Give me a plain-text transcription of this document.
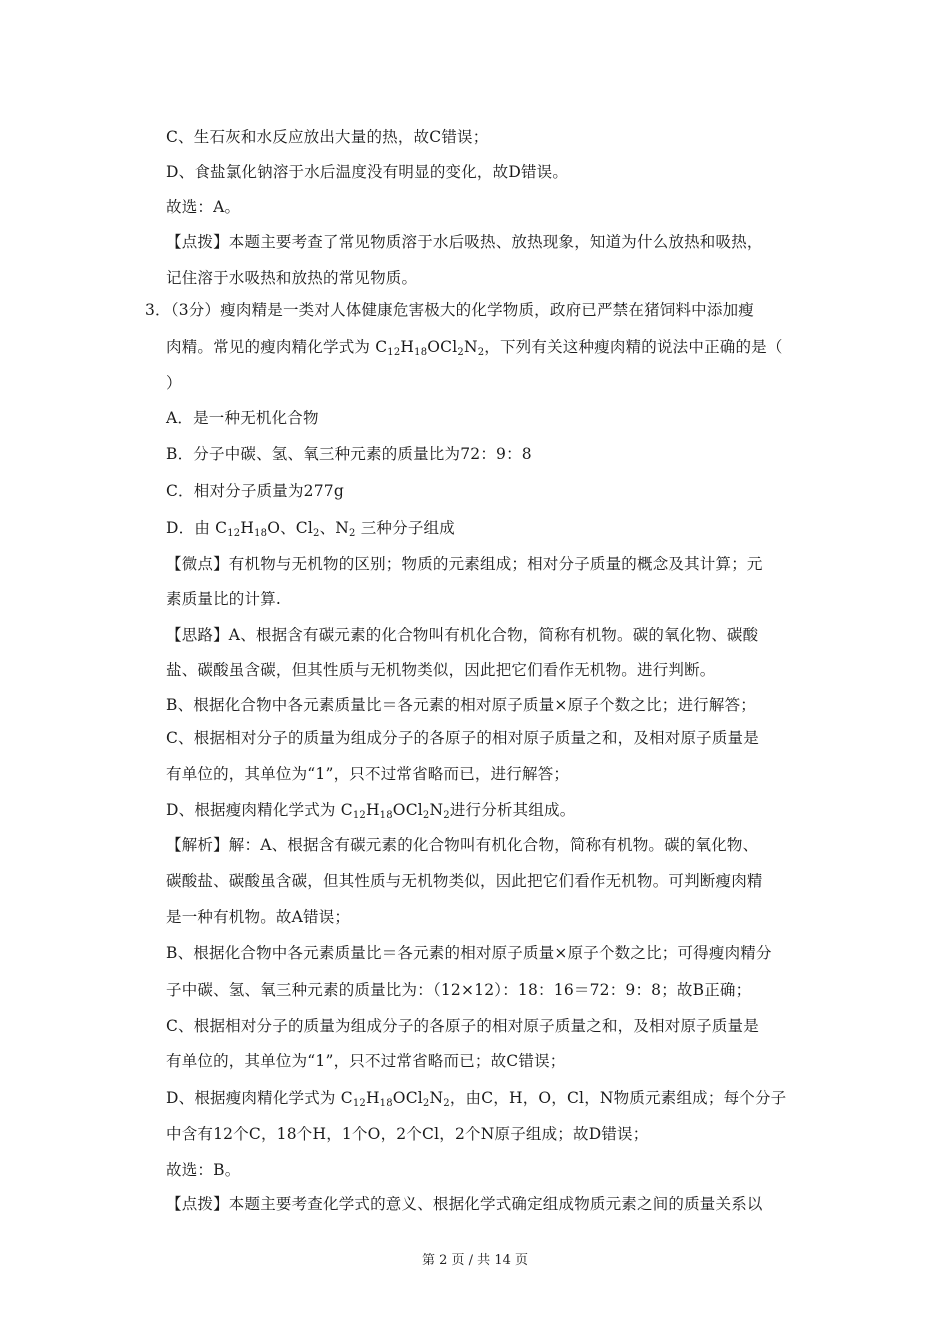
C、生石灰和水反应放出大量的热，故C错误；
D、食盐氯化钠溶于水后温度没有明显的变化，故D错误。
故选：A。
【点拨】本题主要考查了常见物质溶于水后吸热、放热现象，知道为什么放热和吸热，
记住溶于水吸热和放热的常见物质。
3．（3分）瘦肉精是一类对人体健康危害极大的化学物质，政府已严禁在猪饲料中添加瘦
肉精。常见的瘦肉精化学式为 $C_{12}H_{18}OCl_2N_2$，下列有关这种瘦肉精的说法中正确的是（
）
A．是一种无机化合物
B．分子中碳、氢、氧三种元素的质量比为72：9：8
C．相对分子质量为277g
D．由 $C_{12}H_{18}O$、$Cl_2$、$N_2$ 三种分子组成
【微点】有机物与无机物的区别；物质的元素组成；相对分子质量的概念及其计算；元
素质量比的计算.
【思路】A、根据含有碳元素的化合物叫有机化合物，简称有机物。碳的氧化物、碳酸
盐、碳酸虽含碳，但其性质与无机物类似，因此把它们看作无机物。进行判断。
B、根据化合物中各元素质量比＝各元素的相对原子质量×原子个数之比；进行解答；
C、根据相对分子的质量为组成分子的各原子的相对原子质量之和，及相对原子质量是
有单位的，其单位为“1”，只不过常省略而已，进行解答；
D、根据瘦肉精化学式为 $C_{12}H_{18}OCl_2N_2$进行分析其组成。
【解析】解：A、根据含有碳元素的化合物叫有机化合物，简称有机物。碳的氧化物、
碳酸盐、碳酸虽含碳，但其性质与无机物类似，因此把它们看作无机物。可判断瘦肉精
是一种有机物。故A错误；
B、根据化合物中各元素质量比＝各元素的相对原子质量×原子个数之比；可得瘦肉精分
子中碳、氢、氧三种元素的质量比为：（12×12）：18：16＝72：9：8；故B正确；
C、根据相对分子的质量为组成分子的各原子的相对原子质量之和，及相对原子质量是
有单位的，其单位为“1”，只不过常省略而已；故C错误；
D、根据瘦肉精化学式为 $C_{12}H_{18}OCl_2N_2$，由C，H，O，Cl，N物质元素组成；每个分子
中含有12个C，18个H，1个O，2个Cl，2个N原子组成；故D错误；
故选：B。
【点拨】本题主要考查化学式的意义、根据化学式确定组成物质元素之间的质量关系以
第 2 页 / 共 14 页
